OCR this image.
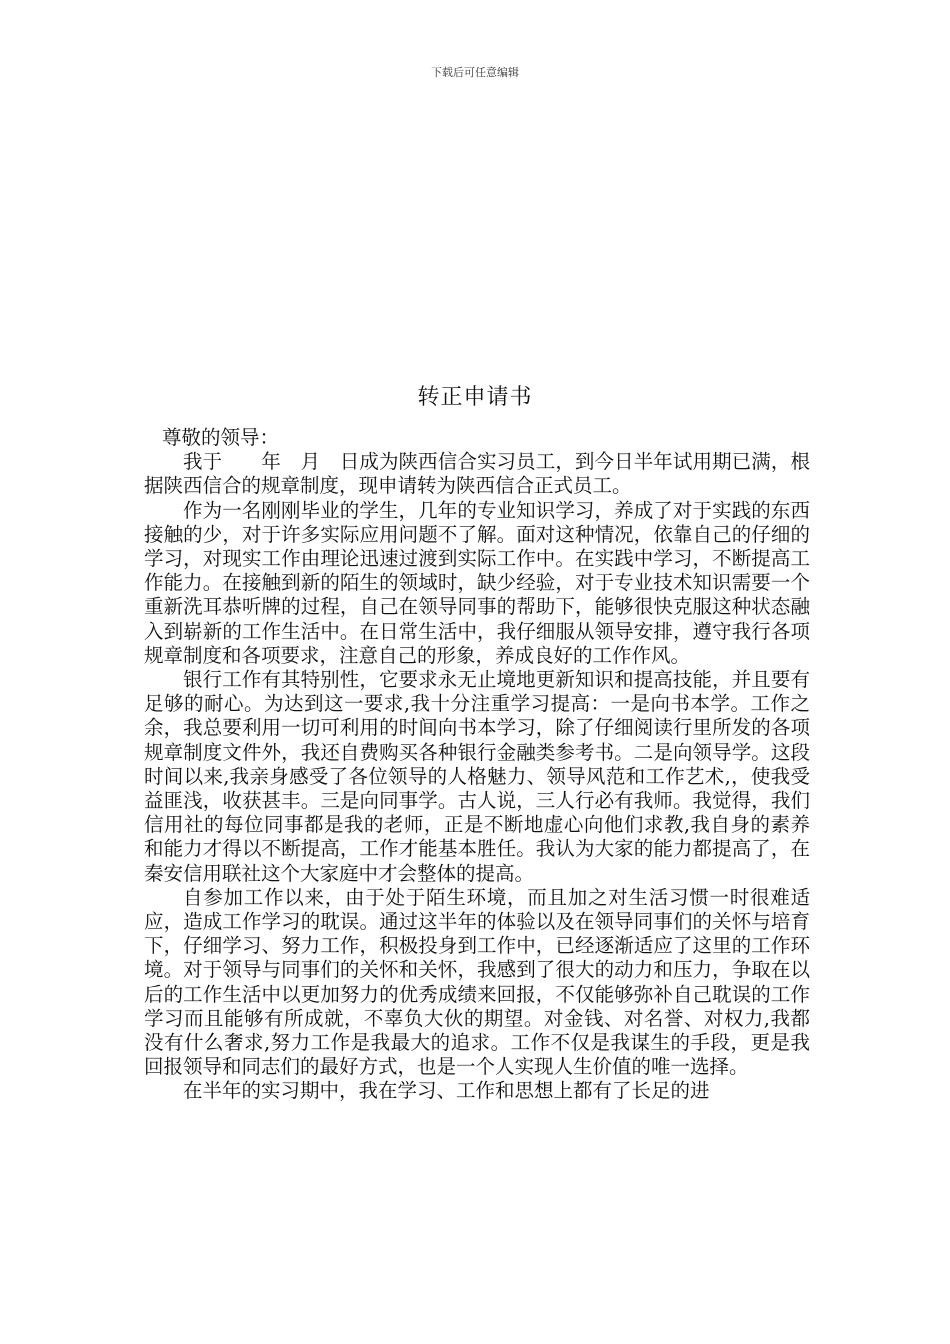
下载后可任意编辑
转正申请书

尊敬的领导：

我于　　年　月　日成为陕西信合实习员工，到今日半年试用期已满，根据陕西信合的规章制度，现申请转为陕西信合正式员工。

作为一名刚刚毕业的学生，几年的专业知识学习，养成了对于实践的东西接触的少，对于许多实际应用问题不了解。面对这种情况，依靠自己的仔细的学习，对现实工作由理论迅速过渡到实际工作中。在实践中学习，不断提高工作能力。在接触到新的陌生的领域时，缺少经验，对于专业技术知识需要一个重新洗耳恭听牌的过程，自己在领导同事的帮助下，能够很快克服这种状态融入到崭新的工作生活中。在日常生活中，我仔细服从领导安排，遵守我行各项规章制度和各项要求，注意自己的形象，养成良好的工作作风。

银行工作有其特别性，它要求永无止境地更新知识和提高技能，并且要有足够的耐心。为达到这一要求,我十分注重学习提高：一是向书本学。工作之余，我总要利用一切可利用的时间向书本学习，除了仔细阅读行里所发的各项规章制度文件外，我还自费购买各种银行金融类参考书。二是向领导学。这段时间以来,我亲身感受了各位领导的人格魅力、领导风范和工作艺术,，使我受益匪浅，收获甚丰。三是向同事学。古人说，三人行必有我师。我觉得，我们信用社的每位同事都是我的老师，正是不断地虚心向他们求教,我自身的素养和能力才得以不断提高，工作才能基本胜任。我认为大家的能力都提高了，在秦安信用联社这个大家庭中才会整体的提高。

自参加工作以来，由于处于陌生环境，而且加之对生活习惯一时很难适应，造成工作学习的耽误。通过这半年的体验以及在领导同事们的关怀与培育下，仔细学习、努力工作，积极投身到工作中，已经逐渐适应了这里的工作环境。对于领导与同事们的关怀和关怀，我感到了很大的动力和压力，争取在以后的工作生活中以更加努力的优秀成绩来回报，不仅能够弥补自己耽误的工作学习而且能够有所成就，不辜负大伙的期望。对金钱、对名誉、对权力,我都没有什么奢求,努力工作是我最大的追求。工作不仅是我谋生的手段，更是我回报领导和同志们的最好方式，也是一个人实现人生价值的唯一选择。

在半年的实习期中，我在学习、工作和思想上都有了长足的进
